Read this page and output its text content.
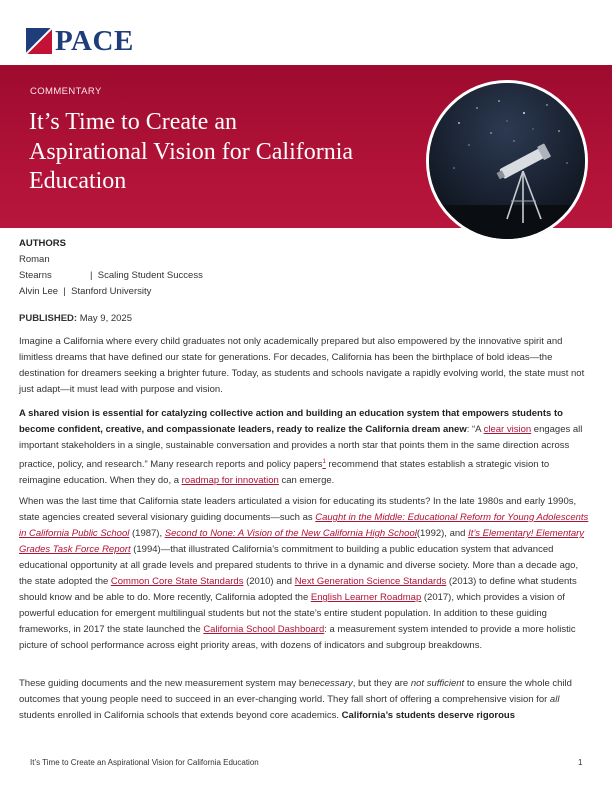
PACE
COMMENTARY
It’s Time to Create an Aspirational Vision for California Education
AUTHORS
Roman
Stearns	|  Scaling Student Success
Alvin Lee  |  Stanford University
PUBLISHED: May 9, 2025

Imagine a California where every child graduates not only academically prepared but also empowered by the innovative spirit and limitless dreams that have defined our state for generations. For decades, California has been the birthplace of bold ideas—the destination for dreamers seeking a brighter future. Today, as students and schools navigate a rapidly evolving world, the state must not just adapt—it must lead with purpose and vision.

A shared vision is essential for catalyzing collective action and building an education system that empowers students to become confident, creative, and compassionate leaders, ready to realize the California dream anew: “A clear vision engages all important stakeholders in a single, sustainable conversation and provides a north star that points them in the same direction across practice, policy, and research.” Many research reports and policy papers$^1$ recommend that states establish a strategic vision to reimagine education. When they do, a roadmap for innovation can emerge.

When was the last time that California state leaders articulated a vision for educating its students? In the late 1980s and early 1990s, state agencies created several visionary guiding documents—such as Caught in the Middle: Educational Reform for Young Adolescents in California Public School (1987), Second to None: A Vision of the New California High School(1992), and It’s Elementary! Elementary Grades Task Force Report (1994)—that illustrated California’s commitment to building a public education system that advanced educational opportunity at all grade levels and prepared students to thrive in a dynamic and diverse society. More than a decade ago, the state adopted the Common Core State Standards (2010) and Next Generation Science Standards (2013) to define what students should know and be able to do. More recently, California adopted the English Learner Roadmap (2017), which provides a vision of powerful education for emergent multilingual students but not the state’s entire student population. In addition to these guiding frameworks, in 2017 the state launched the California School Dashboard: a measurement system intended to provide a more holistic picture of school performance across eight priority areas, with dozens of indicators and subgroup breakdowns.

These guiding documents and the new measurement system may benecessary, but they are not sufficient to ensure the whole child outcomes that young people need to succeed in an ever-changing world. They fall short of offering a comprehensive vision for all students enrolled in California schools that extends beyond core academics. California’s students deserve rigorous

It’s Time to Create an Aspirational Vision for California Education	1
